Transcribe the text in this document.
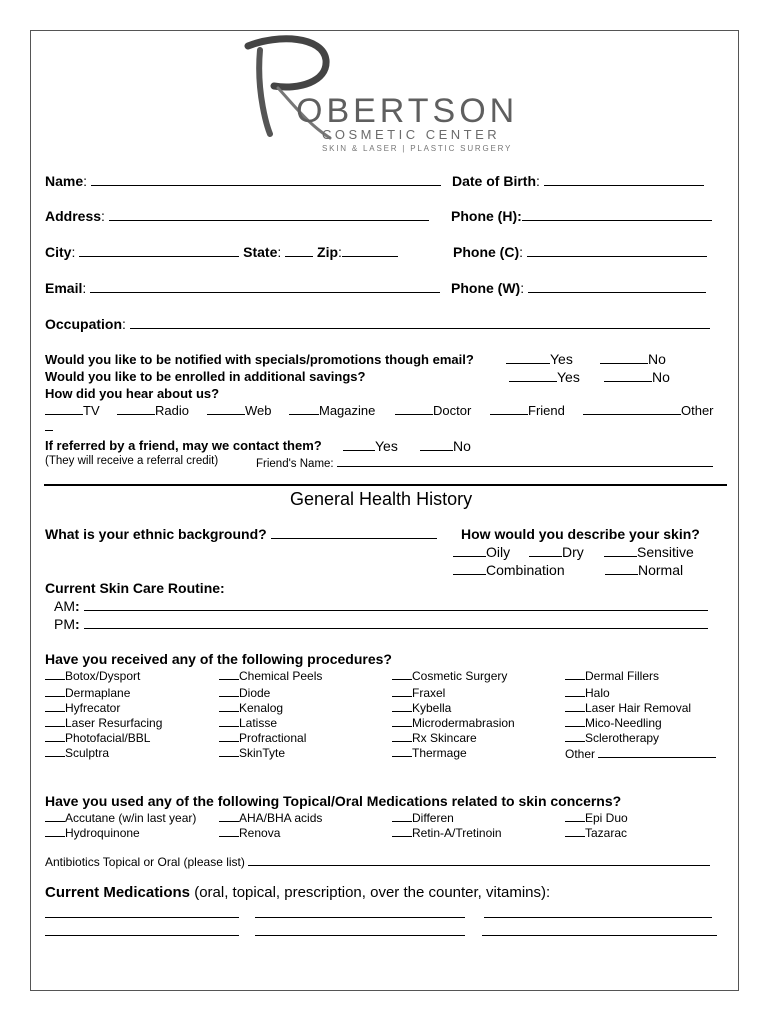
OBERTSON
COSMETIC CENTER
SKIN & LASER | PLASTIC SURGERY
Name:	Date of Birth:
Address:	Phone (H):
City:	State:	Zip:	Phone (C):
Email:	Phone (W):
Occupation:
Would you like to be notified with specials/promotions though email?	Yes	No
Would you like to be enrolled in additional savings?	Yes	No
How did you hear about us?
TV	Radio	Web	Magazine	Doctor	Friend	Other
If referred by a friend, may we contact them?	Yes	No
(They will receive a referral credit)	Friend's Name:
General Health History
What is your ethnic background?	How would you describe your skin?
Oily	Dry	Sensitive
Combination	Normal
Current Skin Care Routine:
AM:
PM:
Have you received any of the following procedures?
Botox/Dysport	Chemical Peels	Cosmetic Surgery	Dermal Fillers
Dermaplane	Diode	Fraxel	Halo
Hyfrecator	Kenalog	Kybella	Laser Hair Removal
Laser Resurfacing	Latisse	Microdermabrasion	Mico-Needling
Photofacial/BBL	Profractional	Rx Skincare	Sclerotherapy
Sculptra	SkinTyte	Thermage	Other
Have you used any of the following Topical/Oral Medications related to skin concerns?
Accutane (w/in last year)	AHA/BHA acids	Differen	Epi Duo
Hydroquinone	Renova	Retin-A/Tretinoin	Tazarac
Antibiotics Topical or Oral (please list)
Current Medications (oral, topical, prescription, over the counter, vitamins):
